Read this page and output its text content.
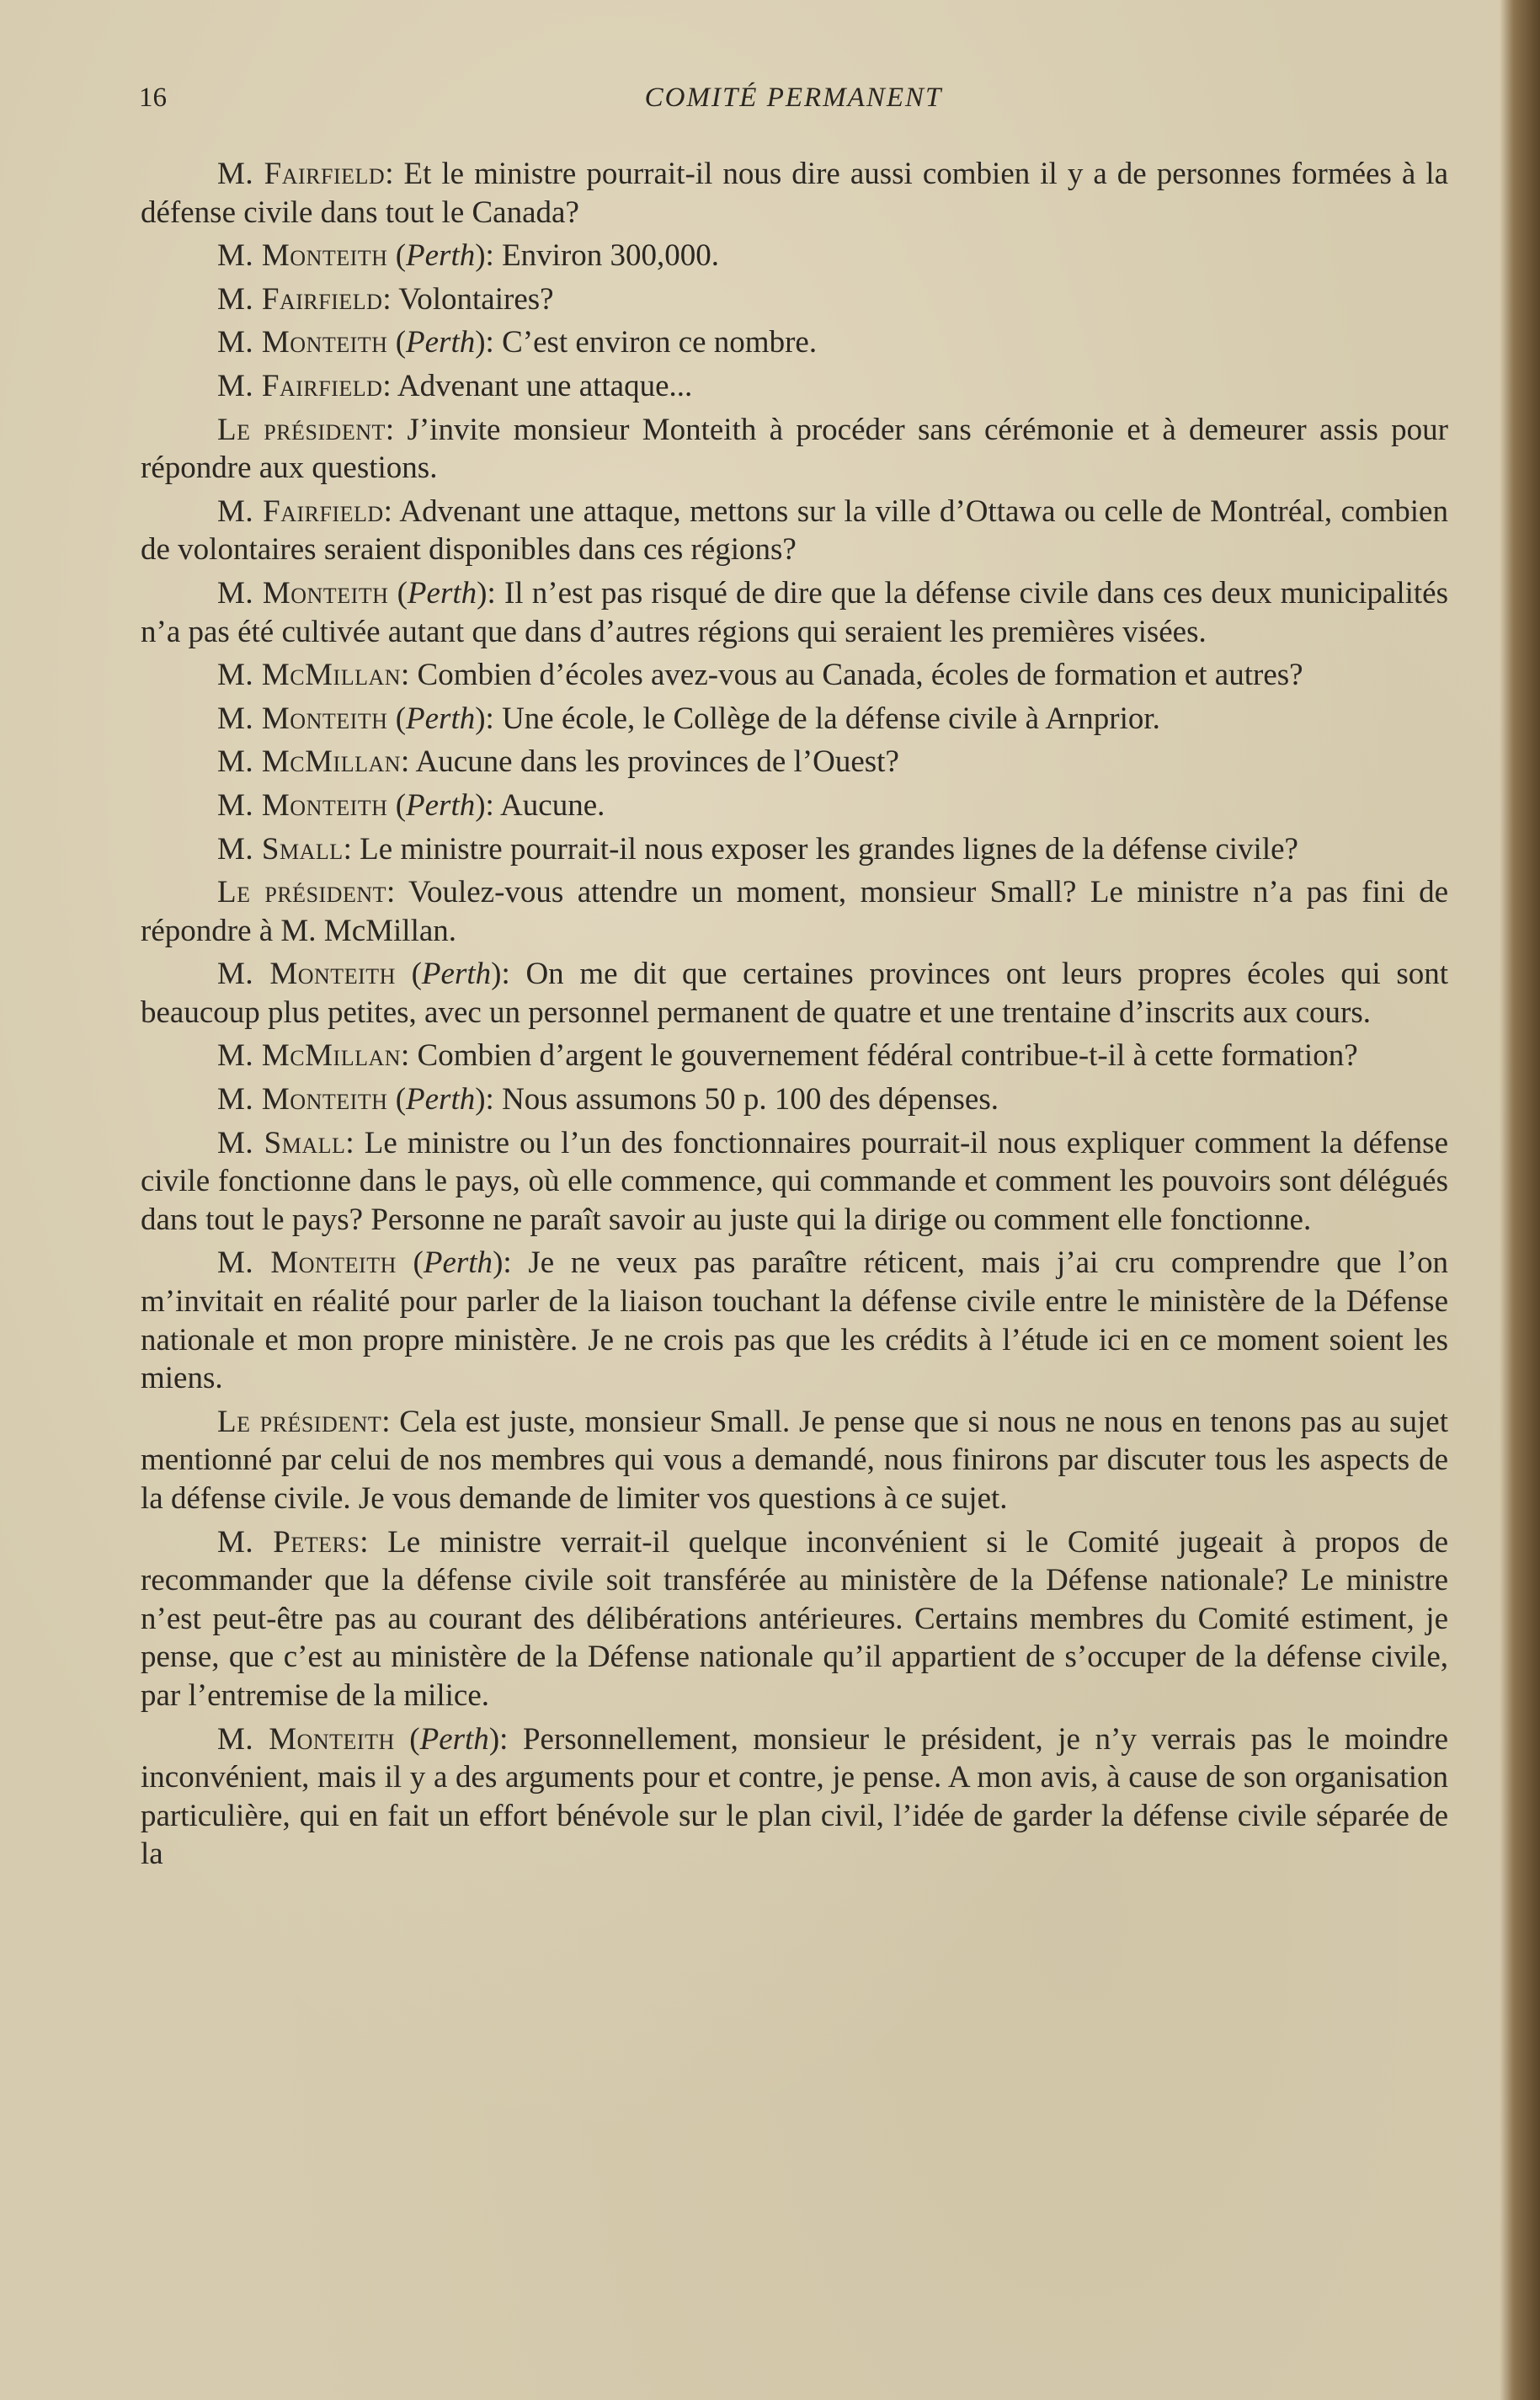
16	COMITÉ PERMANENT

M. Fairfield: Et le ministre pourrait-il nous dire aussi combien il y a de personnes formées à la défense civile dans tout le Canada?

M. Monteith (Perth): Environ 300,000.

M. Fairfield: Volontaires?

M. Monteith (Perth): C’est environ ce nombre.

M. Fairfield: Advenant une attaque...

Le président: J’invite monsieur Monteith à procéder sans cérémonie et à demeurer assis pour répondre aux questions.

M. Fairfield: Advenant une attaque, mettons sur la ville d’Ottawa ou celle de Montréal, combien de volontaires seraient disponibles dans ces régions?

M. Monteith (Perth): Il n’est pas risqué de dire que la défense civile dans ces deux municipalités n’a pas été cultivée autant que dans d’autres régions qui seraient les premières visées.

M. McMillan: Combien d’écoles avez-vous au Canada, écoles de formation et autres?

M. Monteith (Perth): Une école, le Collège de la défense civile à Arnprior.

M. McMillan: Aucune dans les provinces de l’Ouest?

M. Monteith (Perth): Aucune.

M. Small: Le ministre pourrait-il nous exposer les grandes lignes de la défense civile?

Le président: Voulez-vous attendre un moment, monsieur Small? Le ministre n’a pas fini de répondre à M. McMillan.

M. Monteith (Perth): On me dit que certaines provinces ont leurs propres écoles qui sont beaucoup plus petites, avec un personnel permanent de quatre et une trentaine d’inscrits aux cours.

M. McMillan: Combien d’argent le gouvernement fédéral contribue-t-il à cette formation?

M. Monteith (Perth): Nous assumons 50 p. 100 des dépenses.

M. Small: Le ministre ou l’un des fonctionnaires pourrait-il nous expliquer comment la défense civile fonctionne dans le pays, où elle commence, qui commande et comment les pouvoirs sont délégués dans tout le pays? Personne ne paraît savoir au juste qui la dirige ou comment elle fonctionne.

M. Monteith (Perth): Je ne veux pas paraître réticent, mais j’ai cru comprendre que l’on m’invitait en réalité pour parler de la liaison touchant la défense civile entre le ministère de la Défense nationale et mon propre ministère. Je ne crois pas que les crédits à l’étude ici en ce moment soient les miens.

Le président: Cela est juste, monsieur Small. Je pense que si nous ne nous en tenons pas au sujet mentionné par celui de nos membres qui vous a demandé, nous finirons par discuter tous les aspects de la défense civile. Je vous demande de limiter vos questions à ce sujet.

M. Peters: Le ministre verrait-il quelque inconvénient si le Comité jugeait à propos de recommander que la défense civile soit transférée au ministère de la Défense nationale? Le ministre n’est peut-être pas au courant des délibérations antérieures. Certains membres du Comité estiment, je pense, que c’est au ministère de la Défense nationale qu’il appartient de s’occuper de la défense civile, par l’entremise de la milice.

M. Monteith (Perth): Personnellement, monsieur le président, je n’y verrais pas le moindre inconvénient, mais il y a des arguments pour et contre, je pense. A mon avis, à cause de son organisation particulière, qui en fait un effort bénévole sur le plan civil, l’idée de garder la défense civile séparée de la
